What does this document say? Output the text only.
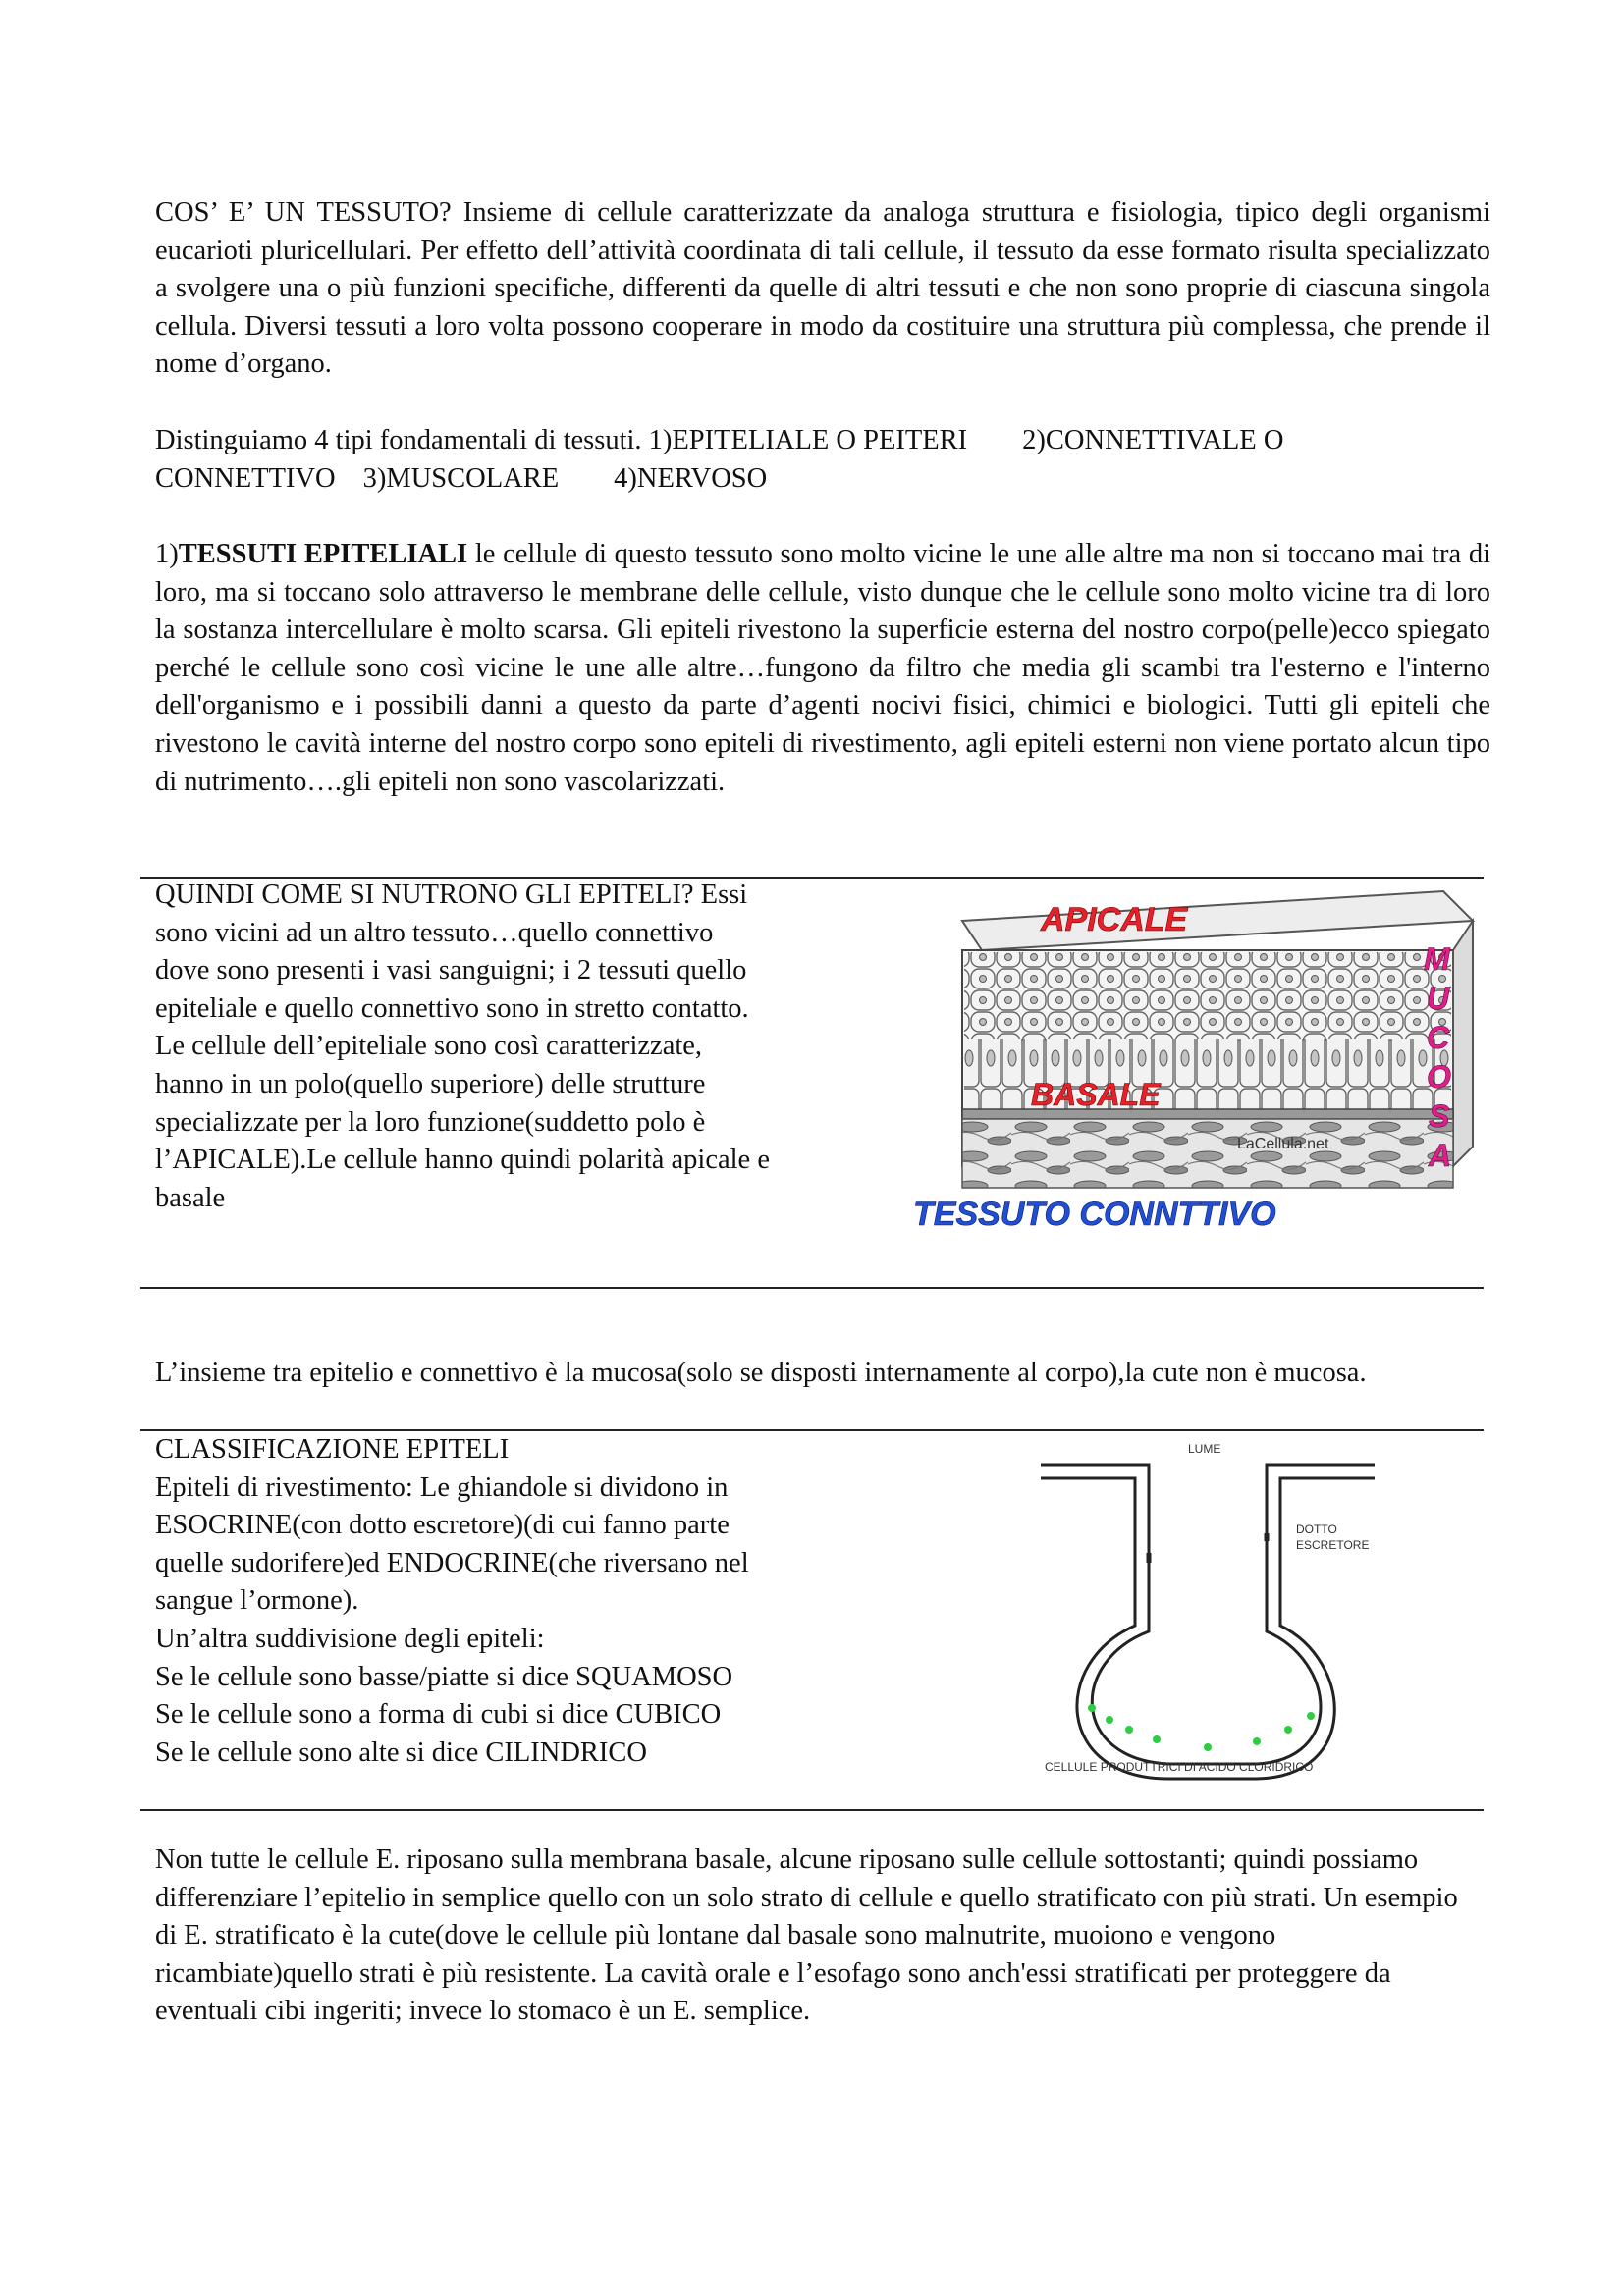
COS’ E’ UN TESSUTO? Insieme di cellule caratterizzate da analoga struttura e fisiologia, tipico degli organismi eucarioti pluricellulari. Per effetto dell’attività coordinata di tali cellule, il tessuto da esse formato risulta specializzato a svolgere una o più funzioni specifiche, differenti da quelle di altri tessuti e che non sono proprie di ciascuna singola cellula. Diversi tessuti a loro volta possono cooperare in modo da costituire una struttura più complessa, che prende il nome d’organo.

Distinguiamo 4 tipi fondamentali di tessuti. 1)EPITELIALE O PEITERI 2)CONNETTIVALE O
CONNETTIVO 3)MUSCOLARE 4)NERVOSO

1)TESSUTI EPITELIALI le cellule di questo tessuto sono molto vicine le une alle altre ma non si toccano mai tra di loro, ma si toccano solo attraverso le membrane delle cellule, visto dunque che le cellule sono molto vicine tra di loro la sostanza intercellulare è molto scarsa. Gli epiteli rivestono la superficie esterna del nostro corpo(pelle)ecco spiegato perché le cellule sono così vicine le une alle altre…fungono da filtro che media gli scambi tra l'esterno e l'interno dell'organismo e i possibili danni a questo da parte d’agenti nocivi fisici, chimici e biologici. Tutti gli epiteli che rivestono le cavità interne del nostro corpo sono epiteli di rivestimento, agli epiteli esterni non viene portato alcun tipo di nutrimento….gli epiteli non sono vascolarizzati.

QUINDI COME SI NUTRONO GLI EPITELI? Essi
sono vicini ad un altro tessuto…quello connettivo
dove sono presenti i vasi sanguigni; i 2 tessuti quello
epiteliale e quello connettivo sono in stretto contatto.
Le cellule dell’epiteliale sono così caratterizzate,
hanno in un polo(quello superiore) delle strutture
specializzate per la loro funzione(suddetto polo è
l’APICALE).Le cellule hanno quindi polarità apicale e
basale
APICALE
BASALE
LaCellula.net
TESSUTO CONNTTIVO
M
U
C
O
S
A

L’insieme tra epitelio e connettivo è la mucosa(solo se disposti internamente al corpo),la cute non è mucosa.

CLASSIFICAZIONE EPITELI
Epiteli di rivestimento: Le ghiandole si dividono in
ESOCRINE(con dotto escretore)(di cui fanno parte
quelle sudorifere)ed ENDOCRINE(che riversano nel
sangue l’ormone).
Un’altra suddivisione degli epiteli:
Se le cellule sono basse/piatte si dice SQUAMOSO
Se le cellule sono a forma di cubi si dice CUBICO
Se le cellule sono alte si dice CILINDRICO
LUME
DOTTO
ESCRETORE
CELLULE PRODUTTRICI DI ACIDO CLORIDRICO

Non tutte le cellule E. riposano sulla membrana basale, alcune riposano sulle cellule sottostanti; quindi possiamo differenziare l’epitelio in semplice quello con un solo strato di cellule e quello stratificato con più strati. Un esempio di E. stratificato è la cute(dove le cellule più lontane dal basale sono malnutrite, muoiono e vengono ricambiate)quello strati è più resistente. La cavità orale e l’esofago sono anch'essi stratificati per proteggere da eventuali cibi ingeriti; invece lo stomaco è un E. semplice.
